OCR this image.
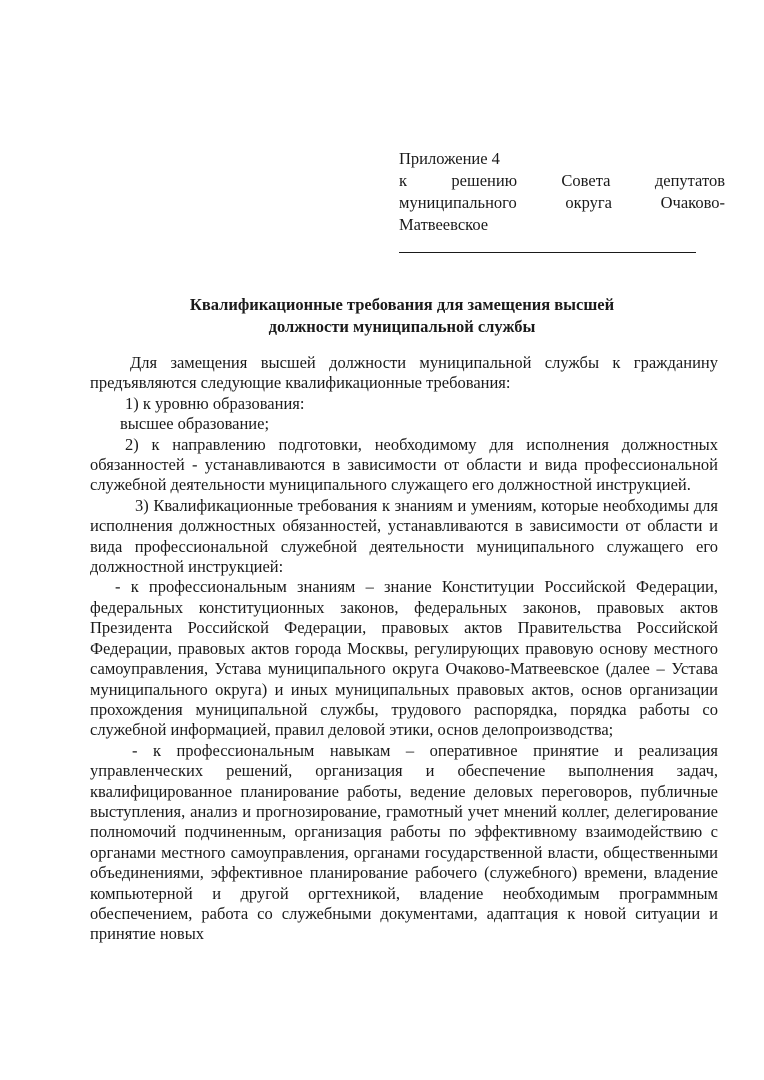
Приложение 4
к решению Совета депутатов муниципального округа Очаково-Матвеевское
Квалификационные требования для замещения высшей
должности муниципальной службы

Для замещения высшей должности муниципальной службы к гражданину предъявляются следующие квалификационные требования:

1) к уровню образования:

высшее образование;

2) к направлению подготовки, необходимому для исполнения должностных обязанностей - устанавливаются в зависимости от области и вида профессиональной служебной деятельности муниципального служащего его должностной инструкцией.

3) Квалификационные требования к знаниям и умениям, которые необходимы для исполнения должностных обязанностей, устанавливаются в зависимости от области и вида профессиональной служебной деятельности муниципального служащего его должностной инструкцией:

- к профессиональным знаниям – знание Конституции Российской Федерации, федеральных конституционных законов, федеральных законов, правовых актов Президента Российской Федерации, правовых актов Правительства Российской Федерации, правовых актов города Москвы, регулирующих правовую основу местного самоуправления, Устава муниципального округа Очаково-Матвеевское (далее – Устава муниципального округа) и иных муниципальных правовых актов, основ организации прохождения муниципальной службы, трудового распорядка, порядка работы со служебной информацией, правил деловой этики, основ делопроизводства;

- к профессиональным навыкам – оперативное принятие и реализация управленческих решений, организация и обеспечение выполнения задач, квалифицированное планирование работы, ведение деловых переговоров, публичные выступления, анализ и прогнозирование, грамотный учет мнений коллег, делегирование полномочий подчиненным, организация работы по эффективному взаимодействию с органами местного самоуправления, органами государственной власти, общественными объединениями, эффективное планирование рабочего (служебного) времени, владение компьютерной и другой оргтехникой, владение необходимым программным обеспечением, работа со служебными документами, адаптация к новой ситуации и принятие новых
